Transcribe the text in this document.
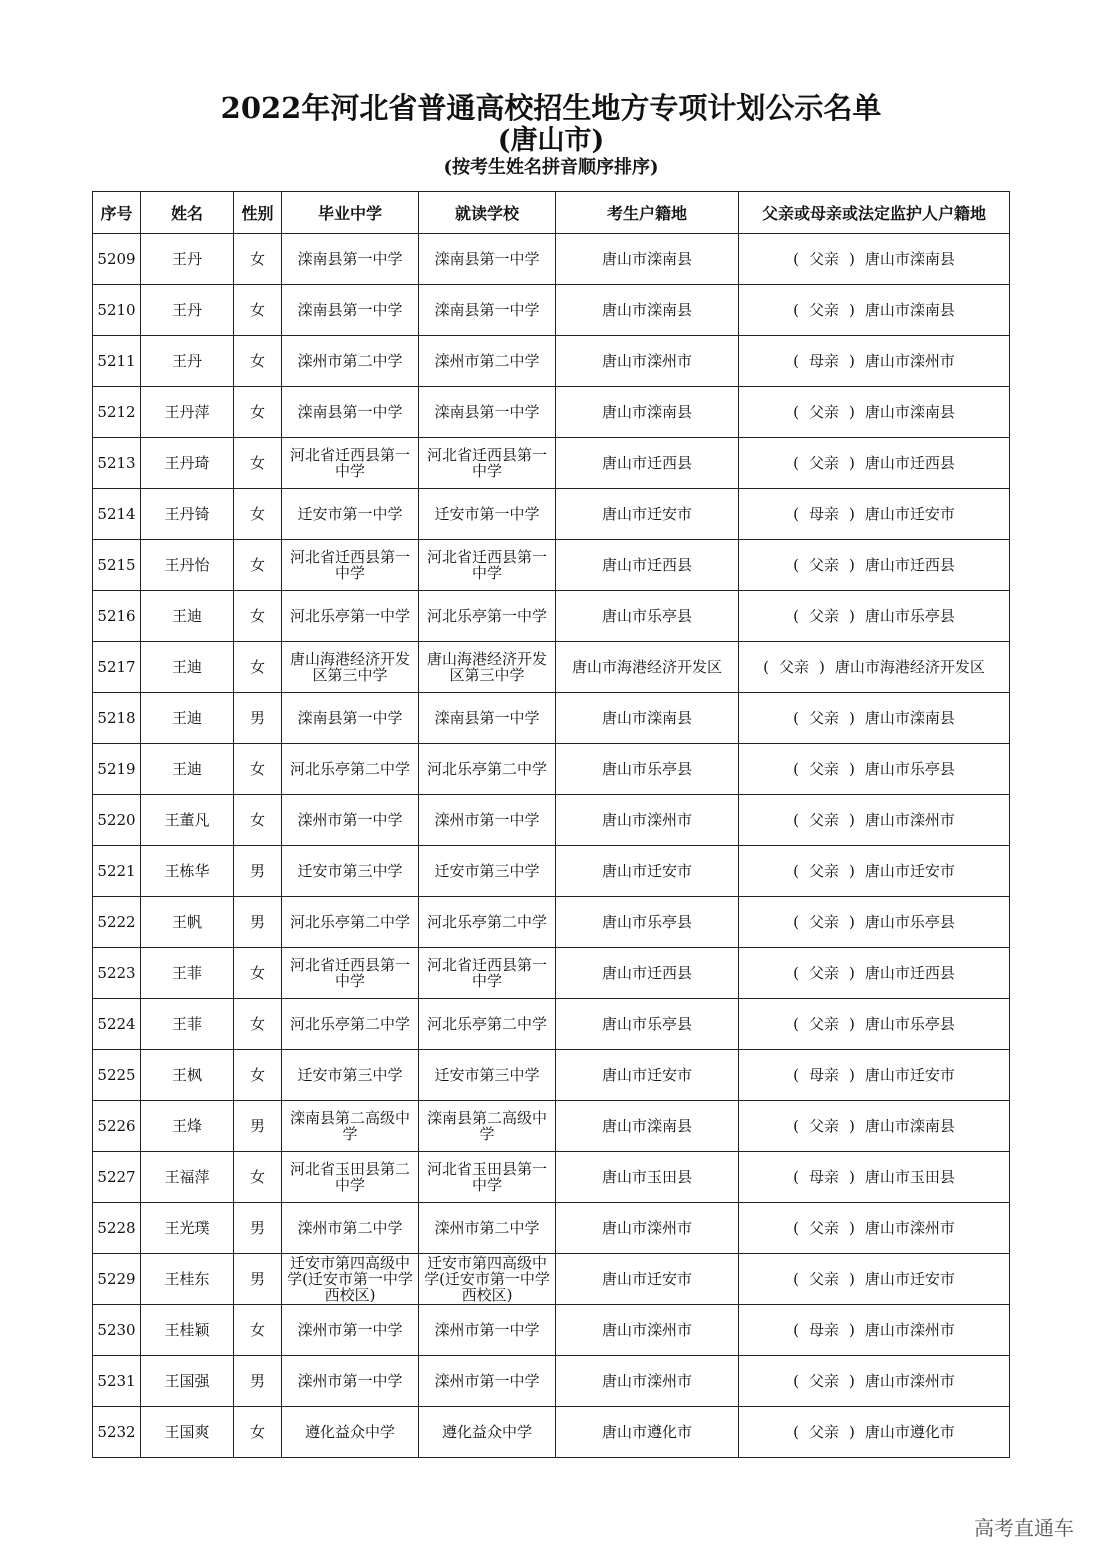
2022年河北省普通高校招生地方专项计划公示名单
(唐山市)
(按考生姓名拼音顺序排序)
序号	姓名	性别	毕业中学	就读学校	考生户籍地	父亲或母亲或法定监护人户籍地
5209	王丹	女	滦南县第一中学	滦南县第一中学	唐山市滦南县	( 父亲 ) 唐山市滦南县
5210	王丹	女	滦南县第一中学	滦南县第一中学	唐山市滦南县	( 父亲 ) 唐山市滦南县
5211	王丹	女	滦州市第二中学	滦州市第二中学	唐山市滦州市	( 母亲 ) 唐山市滦州市
5212	王丹萍	女	滦南县第一中学	滦南县第一中学	唐山市滦南县	( 父亲 ) 唐山市滦南县
5213	王丹琦	女	河北省迁西县第一中学	河北省迁西县第一中学	唐山市迁西县	( 父亲 ) 唐山市迁西县
5214	王丹锜	女	迁安市第一中学	迁安市第一中学	唐山市迁安市	( 母亲 ) 唐山市迁安市
5215	王丹怡	女	河北省迁西县第一中学	河北省迁西县第一中学	唐山市迁西县	( 父亲 ) 唐山市迁西县
5216	王迪	女	河北乐亭第一中学	河北乐亭第一中学	唐山市乐亭县	( 父亲 ) 唐山市乐亭县
5217	王迪	女	唐山海港经济开发区第三中学	唐山海港经济开发区第三中学	唐山市海港经济开发区	( 父亲 ) 唐山市海港经济开发区
5218	王迪	男	滦南县第一中学	滦南县第一中学	唐山市滦南县	( 父亲 ) 唐山市滦南县
5219	王迪	女	河北乐亭第二中学	河北乐亭第二中学	唐山市乐亭县	( 父亲 ) 唐山市乐亭县
5220	王董凡	女	滦州市第一中学	滦州市第一中学	唐山市滦州市	( 父亲 ) 唐山市滦州市
5221	王栋华	男	迁安市第三中学	迁安市第三中学	唐山市迁安市	( 父亲 ) 唐山市迁安市
5222	王帆	男	河北乐亭第二中学	河北乐亭第二中学	唐山市乐亭县	( 父亲 ) 唐山市乐亭县
5223	王菲	女	河北省迁西县第一中学	河北省迁西县第一中学	唐山市迁西县	( 父亲 ) 唐山市迁西县
5224	王菲	女	河北乐亭第二中学	河北乐亭第二中学	唐山市乐亭县	( 父亲 ) 唐山市乐亭县
5225	王枫	女	迁安市第三中学	迁安市第三中学	唐山市迁安市	( 母亲 ) 唐山市迁安市
5226	王烽	男	滦南县第二高级中学	滦南县第二高级中学	唐山市滦南县	( 父亲 ) 唐山市滦南县
5227	王福萍	女	河北省玉田县第二中学	河北省玉田县第一中学	唐山市玉田县	( 母亲 ) 唐山市玉田县
5228	王光璞	男	滦州市第二中学	滦州市第二中学	唐山市滦州市	( 父亲 ) 唐山市滦州市
5229	王桂东	男	迁安市第四高级中学(迁安市第一中学西校区)	迁安市第四高级中学(迁安市第一中学西校区)	唐山市迁安市	( 父亲 ) 唐山市迁安市
5230	王桂颖	女	滦州市第一中学	滦州市第一中学	唐山市滦州市	( 母亲 ) 唐山市滦州市
5231	王国强	男	滦州市第一中学	滦州市第一中学	唐山市滦州市	( 父亲 ) 唐山市滦州市
5232	王国爽	女	遵化益众中学	遵化益众中学	唐山市遵化市	( 父亲 ) 唐山市遵化市
高考直通车
